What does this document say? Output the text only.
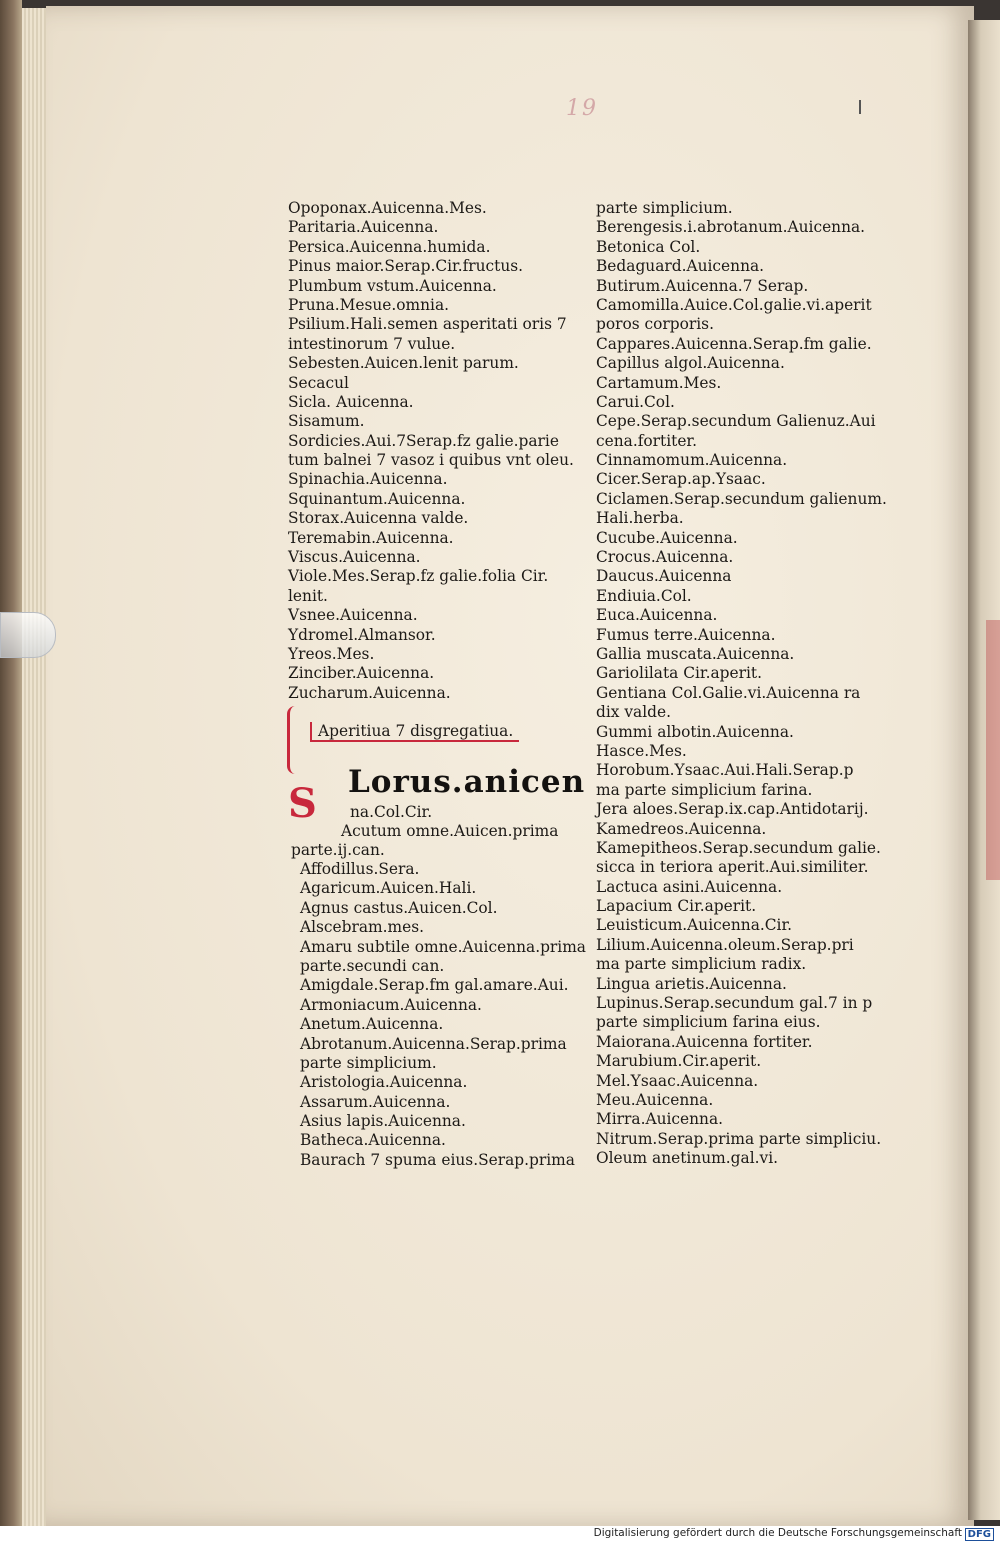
19
Opoponax.Auicenna.Mes.
Paritaria.Auicenna.
Persica.Auicenna.humida.
Pinus maior.Serap.Cir.fructus.
Plumbum vstum.Auicenna.
Pruna.Mesue.omnia.
Psilium.Hali.semen asperitati oris 7
intestinorum 7 vulue.
Sebesten.Auicen.lenit parum.
Secacul
Sicla. Auicenna.
Sisamum.
Sordicies.Aui.7Serap.fz galie.parie
tum balnei 7 vasoz i quibus vnt oleu.
Spinachia.Auicenna.
Squinantum.Auicenna.
Storax.Auicenna valde.
Teremabin.Auicenna.
Viscus.Auicenna.
Viole.Mes.Serap.fz galie.folia Cir.
lenit.
Vsnee.Auicenna.
Ydromel.Almansor.
Yreos.Mes.
Zinciber.Auicenna.
Zucharum.Auicenna.
Aperitiua 7 disgregatiua.
S	Lorus.anicen
na.Col.Cir.
Acutum omne.Auicen.prima
parte.ij.can.
Affodillus.Sera.
Agaricum.Auicen.Hali.
Agnus castus.Auicen.Col.
Alscebram.mes.
Amaru subtile omne.Auicenna.prima
parte.secundi can.
Amigdale.Serap.fm gal.amare.Aui.
Armoniacum.Auicenna.
Anetum.Auicenna.
Abrotanum.Auicenna.Serap.prima
parte simplicium.
Aristologia.Auicenna.
Assarum.Auicenna.
Asius lapis.Auicenna.
Batheca.Auicenna.
Baurach 7 spuma eius.Serap.prima
parte simplicium.
Berengesis.i.abrotanum.Auicenna.
Betonica Col.
Bedaguard.Auicenna.
Butirum.Auicenna.7 Serap.
Camomilla.Auice.Col.galie.vi.aperit
poros corporis.
Cappares.Auicenna.Serap.fm galie.
Capillus algol.Auicenna.
Cartamum.Mes.
Carui.Col.
Cepe.Serap.secundum Galienuz.Aui
cena.fortiter.
Cinnamomum.Auicenna.
Cicer.Serap.ap.Ysaac.
Ciclamen.Serap.secundum galienum.
Hali.herba.
Cucube.Auicenna.
Crocus.Auicenna.
Daucus.Auicenna
Endiuia.Col.
Euca.Auicenna.
Fumus terre.Auicenna.
Gallia muscata.Auicenna.
Gariolilata Cir.aperit.
Gentiana Col.Galie.vi.Auicenna ra
dix valde.
Gummi albotin.Auicenna.
Hasce.Mes.
Horobum.Ysaac.Aui.Hali.Serap.p
ma parte simplicium farina.
Jera aloes.Serap.ix.cap.Antidotarij.
Kamedreos.Auicenna.
Kamepitheos.Serap.secundum galie.
sicca in teriora aperit.Aui.similiter.
Lactuca asini.Auicenna.
Lapacium Cir.aperit.
Leuisticum.Auicenna.Cir.
Lilium.Auicenna.oleum.Serap.pri
ma parte simplicium radix.
Lingua arietis.Auicenna.
Lupinus.Serap.secundum gal.7 in p
parte simplicium farina eius.
Maiorana.Auicenna fortiter.
Marubium.Cir.aperit.
Mel.Ysaac.Auicenna.
Meu.Auicenna.
Mirra.Auicenna.
Nitrum.Serap.prima parte simpliciu.
Oleum anetinum.gal.vi.
Digitalisierung gefördert durch die Deutsche Forschungsgemeinschaft DFG
